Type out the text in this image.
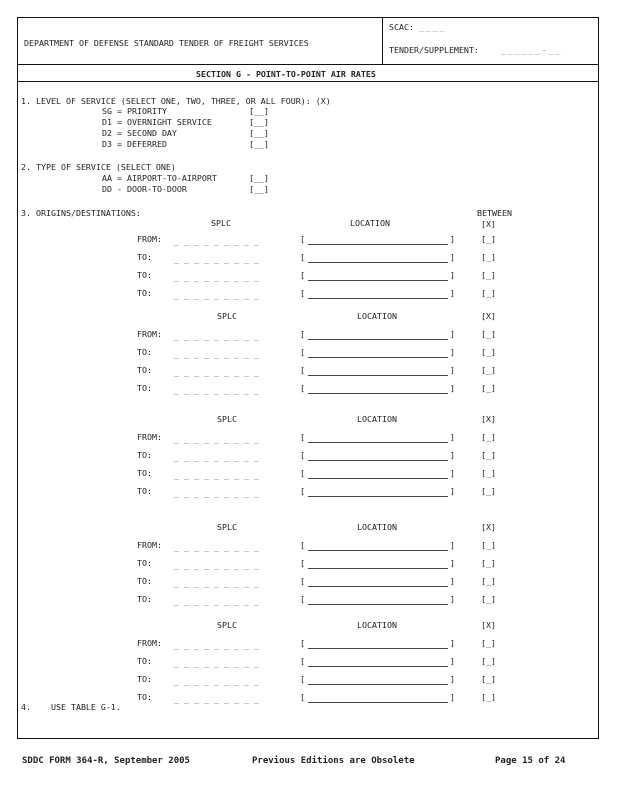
DEPARTMENT OF DEFENSE STANDARD TENDER OF FREIGHT SERVICES
SCAC: ____
TENDER/SUPPLEMENT:	______-__
SECTION G - POINT-TO-POINT AIR RATES
1. LEVEL OF SERVICE (SELECT ONE, TWO, THREE, OR ALL FOUR): (X)
SG = PRIORITY	[__]
D1 = OVERNIGHT SERVICE	[__]
D2 = SECOND DAY	[__]
D3 = DEFERRED	[__]
2. TYPE OF SERVICE (SELECT ONE)
AA = AIRPORT-TO-AIRPORT	[__]
DD - DOOR-TO-DOOR	[__]
3. ORIGINS/DESTINATIONS:	BETWEEN
SPLC	LOCATION	[X]
FROM: _ _ _ _ _ _ _ _ _	[	]	[_]
TO:	_ _ _ _ _ _ _ _ _	[	]	[_]
TO:	_ _ _ _ _ _ _ _ _	[	]	[_]
TO:	_ _ _ _ _ _ _ _ _	[	]	[_]
SPLC	LOCATION	[X]
FROM: _ _ _ _ _ _ _ _ _	[	]	[_]
TO:	_ _ _ _ _ _ _ _ _	[	]	[_]
TO:	_ _ _ _ _ _ _ _ _	[	]	[_]
TO:	_ _ _ _ _ _ _ _ _	[	]	[_]
SPLC	LOCATION	[X]
FROM: _ _ _ _ _ _ _ _ _	[	]	[_]
TO:	_ _ _ _ _ _ _ _ _	[	]	[_]
TO:	_ _ _ _ _ _ _ _ _	[	]	[_]
TO:	_ _ _ _ _ _ _ _ _	[	]	[_]
SPLC	LOCATION	[X]
FROM: _ _ _ _ _ _ _ _ _	[	]	[_]
TO:	_ _ _ _ _ _ _ _ _	[	]	[_]
TO:	_ _ _ _ _ _ _ _ _	[	]	[_]
TO:	_ _ _ _ _ _ _ _ _	[	]	[_]
SPLC	LOCATION	[X]
FROM: _ _ _ _ _ _ _ _ _	[	]	[_]
TO:	_ _ _ _ _ _ _ _ _	[	]	[_]
TO:	_ _ _ _ _ _ _ _ _	[	]	[_]
TO:	_ _ _ _ _ _ _ _ _	[	]	[_]
4.    USE TABLE G-1.
SDDC FORM 364-R, September 2005	Previous Editions are Obsolete	Page 15 of 24
